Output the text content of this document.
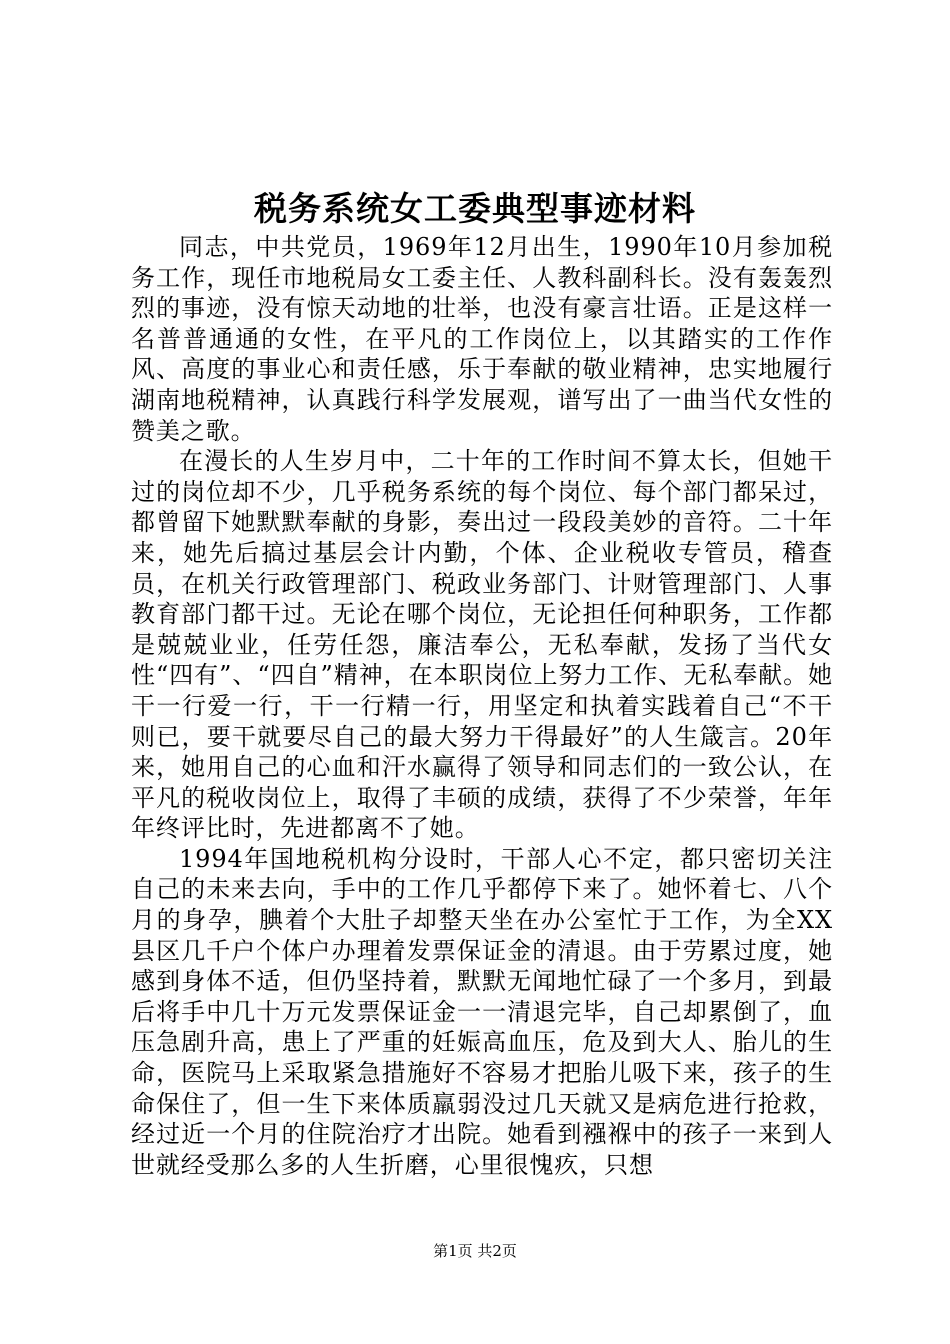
税务系统女工委典型事迹材料

同志，中共党员，1969年12月出生，1990年10月参加税务工作，现任市地税局女工委主任、人教科副科长。没有轰轰烈烈的事迹，没有惊天动地的壮举，也没有豪言壮语。正是这样一名普普通通的女性，在平凡的工作岗位上，以其踏实的工作作风、高度的事业心和责任感，乐于奉献的敬业精神，忠实地履行湖南地税精神，认真践行科学发展观，谱写出了一曲当代女性的赞美之歌。

在漫长的人生岁月中，二十年的工作时间不算太长，但她干过的岗位却不少，几乎税务系统的每个岗位、每个部门都呆过，都曾留下她默默奉献的身影，奏出过一段段美妙的音符。二十年来，她先后搞过基层会计内勤，个体、企业税收专管员，稽查员，在机关行政管理部门、税政业务部门、计财管理部门、人事教育部门都干过。无论在哪个岗位，无论担任何种职务，工作都是兢兢业业，任劳任怨，廉洁奉公，无私奉献，发扬了当代女性“四有”、“四自”精神，在本职岗位上努力工作、无私奉献。她干一行爱一行，干一行精一行，用坚定和执着实践着自己“不干则已，要干就要尽自己的最大努力干得最好”的人生箴言。20年来，她用自己的心血和汗水赢得了领导和同志们的一致公认，在平凡的税收岗位上，取得了丰硕的成绩，获得了不少荣誉，年年年终评比时，先进都离不了她。

1994年国地税机构分设时，干部人心不定，都只密切关注自己的未来去向，手中的工作几乎都停下来了。她怀着七、八个月的身孕，腆着个大肚子却整天坐在办公室忙于工作，为全XX县区几千户个体户办理着发票保证金的清退。由于劳累过度，她感到身体不适，但仍坚持着，默默无闻地忙碌了一个多月，到最后将手中几十万元发票保证金一一清退完毕，自己却累倒了，血压急剧升高，患上了严重的妊娠高血压，危及到大人、胎儿的生命，医院马上采取紧急措施好不容易才把胎儿吸下来，孩子的生命保住了，但一生下来体质羸弱没过几天就又是病危进行抢救，经过近一个月的住院治疗才出院。她看到襁褓中的孩子一来到人世就经受那么多的人生折磨，心里很愧疚，只想

第1页 共2页
